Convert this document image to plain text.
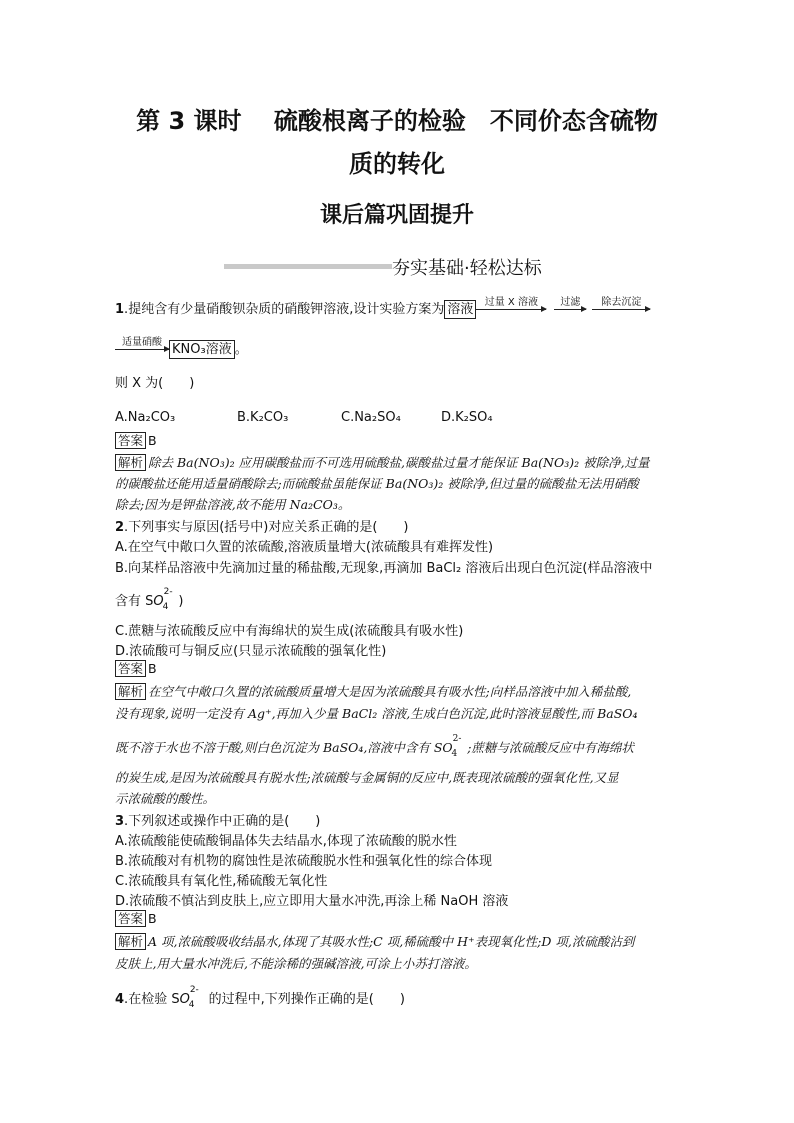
第 3 课时　 硫酸根离子的检验　不同价态含硫物
质的转化
课后篇巩固提升
夯实基础·轻松达标
1.提纯含有少量硝酸钡杂质的硝酸钾溶液,设计实验方案为 溶液	过量 X 溶液	过滤	除去沉淀
适量硝酸 KNO₃溶液 。
则 X 为(　　)
A.Na₂CO₃	B.K₂CO₃	C.Na₂SO₄	D.K₂SO₄
答案 B
解析 除去 Ba(NO₃)₂ 应用碳酸盐而不可选用硫酸盐,碳酸盐过量才能保证 Ba(NO₃)₂ 被除净,过量
的碳酸盐还能用适量硝酸除去;而硫酸盐虽能保证 Ba(NO₃)₂ 被除净,但过量的硫酸盐无法用硝酸
除去;因为是钾盐溶液,故不能用 Na₂CO₃。
2.下列事实与原因(括号中)对应关系正确的是(　　)
A.在空气中敞口久置的浓硫酸,溶液质量增大(浓硫酸具有难挥发性)
B.向某样品溶液中先滴加过量的稀盐酸,无现象,再滴加 BaCl₂ 溶液后出现白色沉淀(样品溶液中
含有 $SO^{2-}_4$ )
C.蔗糖与浓硫酸反应中有海绵状的炭生成(浓硫酸具有吸水性)
D.浓硫酸可与铜反应(只显示浓硫酸的强氧化性)
答案 B
解析 在空气中敞口久置的浓硫酸质量增大是因为浓硫酸具有吸水性;向样品溶液中加入稀盐酸,
没有现象,说明一定没有 Ag⁺,再加入少量 BaCl₂ 溶液,生成白色沉淀,此时溶液显酸性,而 BaSO₄
既不溶于水也不溶于酸,则白色沉淀为 BaSO₄,溶液中含有 $SO^{2-}_4$ ;蔗糖与浓硫酸反应中有海绵状
的炭生成,是因为浓硫酸具有脱水性;浓硫酸与金属铜的反应中,既表现浓硫酸的强氧化性,又显
示浓硫酸的酸性。
3.下列叙述或操作中正确的是(　　)
A.浓硫酸能使硫酸铜晶体失去结晶水,体现了浓硫酸的脱水性
B.浓硫酸对有机物的腐蚀性是浓硫酸脱水性和强氧化性的综合体现
C.浓硫酸具有氧化性,稀硫酸无氧化性
D.浓硫酸不慎沾到皮肤上,应立即用大量水冲洗,再涂上稀 NaOH 溶液
答案 B
解析 A 项,浓硫酸吸收结晶水,体现了其吸水性;C 项,稀硫酸中 H⁺表现氧化性;D 项,浓硫酸沾到
皮肤上,用大量水冲洗后,不能涂稀的强碱溶液,可涂上小苏打溶液。
4.在检验 $SO^{2-}_4$ 的过程中,下列操作正确的是(　　)
